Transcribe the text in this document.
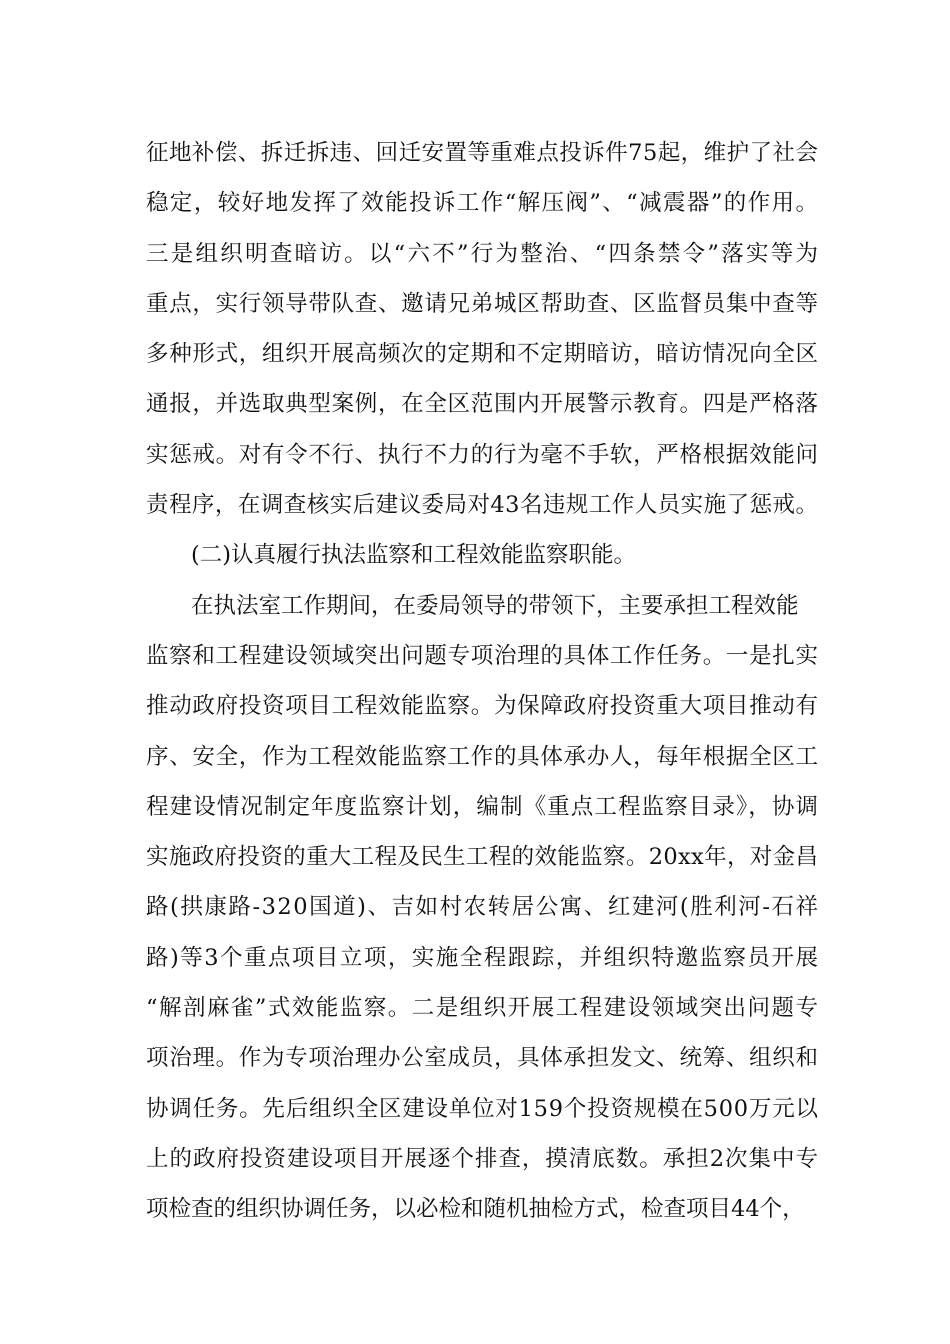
征地补偿、拆迁拆违、回迁安置等重难点投诉件75起，维护了社会
稳定，较好地发挥了效能投诉工作“解压阀”、“减震器”的作用。
三是组织明查暗访。以“六不”行为整治、“四条禁令”落实等为
重点，实行领导带队查、邀请兄弟城区帮助查、区监督员集中查等
多种形式，组织开展高频次的定期和不定期暗访，暗访情况向全区
通报，并选取典型案例，在全区范围内开展警示教育。四是严格落
实惩戒。对有令不行、执行不力的行为毫不手软，严格根据效能问
责程序，在调查核实后建议委局对43名违规工作人员实施了惩戒。
(二)认真履行执法监察和工程效能监察职能。
在执法室工作期间，在委局领导的带领下，主要承担工程效能
监察和工程建设领域突出问题专项治理的具体工作任务。一是扎实
推动政府投资项目工程效能监察。为保障政府投资重大项目推动有
序、安全，作为工程效能监察工作的具体承办人，每年根据全区工
程建设情况制定年度监察计划，编制《重点工程监察目录》，协调
实施政府投资的重大工程及民生工程的效能监察。20xx年，对金昌
路(拱康路-320国道)、吉如村农转居公寓、红建河(胜利河-石祥
路)等3个重点项目立项，实施全程跟踪，并组织特邀监察员开展
“解剖麻雀”式效能监察。二是组织开展工程建设领域突出问题专
项治理。作为专项治理办公室成员，具体承担发文、统筹、组织和
协调任务。先后组织全区建设单位对159个投资规模在500万元以
上的政府投资建设项目开展逐个排查，摸清底数。承担2次集中专
项检查的组织协调任务，以必检和随机抽检方式，检查项目44个，
